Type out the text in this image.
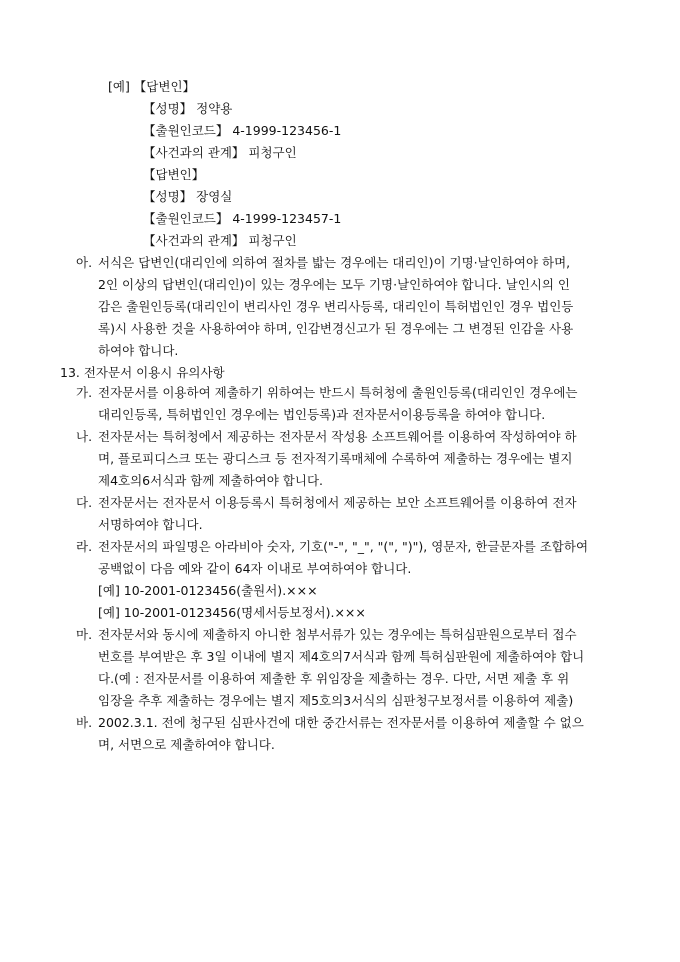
[예] 【답변인】
【성명】 정약용
【출원인코드】 4-1999-123456-1
【사건과의 관계】 피청구인
【답변인】
【성명】 장영실
【출원인코드】 4-1999-123457-1
【사건과의 관계】 피청구인
아. 서식은 답변인(대리인에 의하여 절차를 밟는 경우에는 대리인)이 기명·날인하여야 하며,
2인 이상의 답변인(대리인)이 있는 경우에는 모두 기명·날인하여야 합니다. 날인시의 인
감은 출원인등록(대리인이 변리사인 경우 변리사등록, 대리인이 특허법인인 경우 법인등
록)시 사용한 것을 사용하여야 하며, 인감변경신고가 된 경우에는 그 변경된 인감을 사용
하여야 합니다.
13. 전자문서 이용시 유의사항
가. 전자문서를 이용하여 제출하기 위하여는 반드시 특허청에 출원인등록(대리인인 경우에는
대리인등록, 특허법인인 경우에는 법인등록)과 전자문서이용등록을 하여야 합니다.
나. 전자문서는 특허청에서 제공하는 전자문서 작성용 소프트웨어를 이용하여 작성하여야 하
며, 플로피디스크 또는 광디스크 등 전자적기록매체에 수록하여 제출하는 경우에는 별지
제4호의6서식과 함께 제출하여야 합니다.
다. 전자문서는 전자문서 이용등록시 특허청에서 제공하는 보안 소프트웨어를 이용하여 전자
서명하여야 합니다.
라. 전자문서의 파일명은 아라비아 숫자, 기호("-", "_", "(", ")"), 영문자, 한글문자를 조합하여
공백없이 다음 예와 같이 64자 이내로 부여하여야 합니다.
[예] 10-2001-0123456(출원서).×××
[예] 10-2001-0123456(명세서등보정서).×××
마. 전자문서와 동시에 제출하지 아니한 첨부서류가 있는 경우에는 특허심판원으로부터 접수
번호를 부여받은 후 3일 이내에 별지 제4호의7서식과 함께 특허심판원에 제출하여야 합니
다.(예 : 전자문서를 이용하여 제출한 후 위임장을 제출하는 경우. 다만, 서면 제출 후 위
임장을 추후 제출하는 경우에는 별지 제5호의3서식의 심판청구보정서를 이용하여 제출)
바. 2002.3.1. 전에 청구된 심판사건에 대한 중간서류는 전자문서를 이용하여 제출할 수 없으
며, 서면으로 제출하여야 합니다.
